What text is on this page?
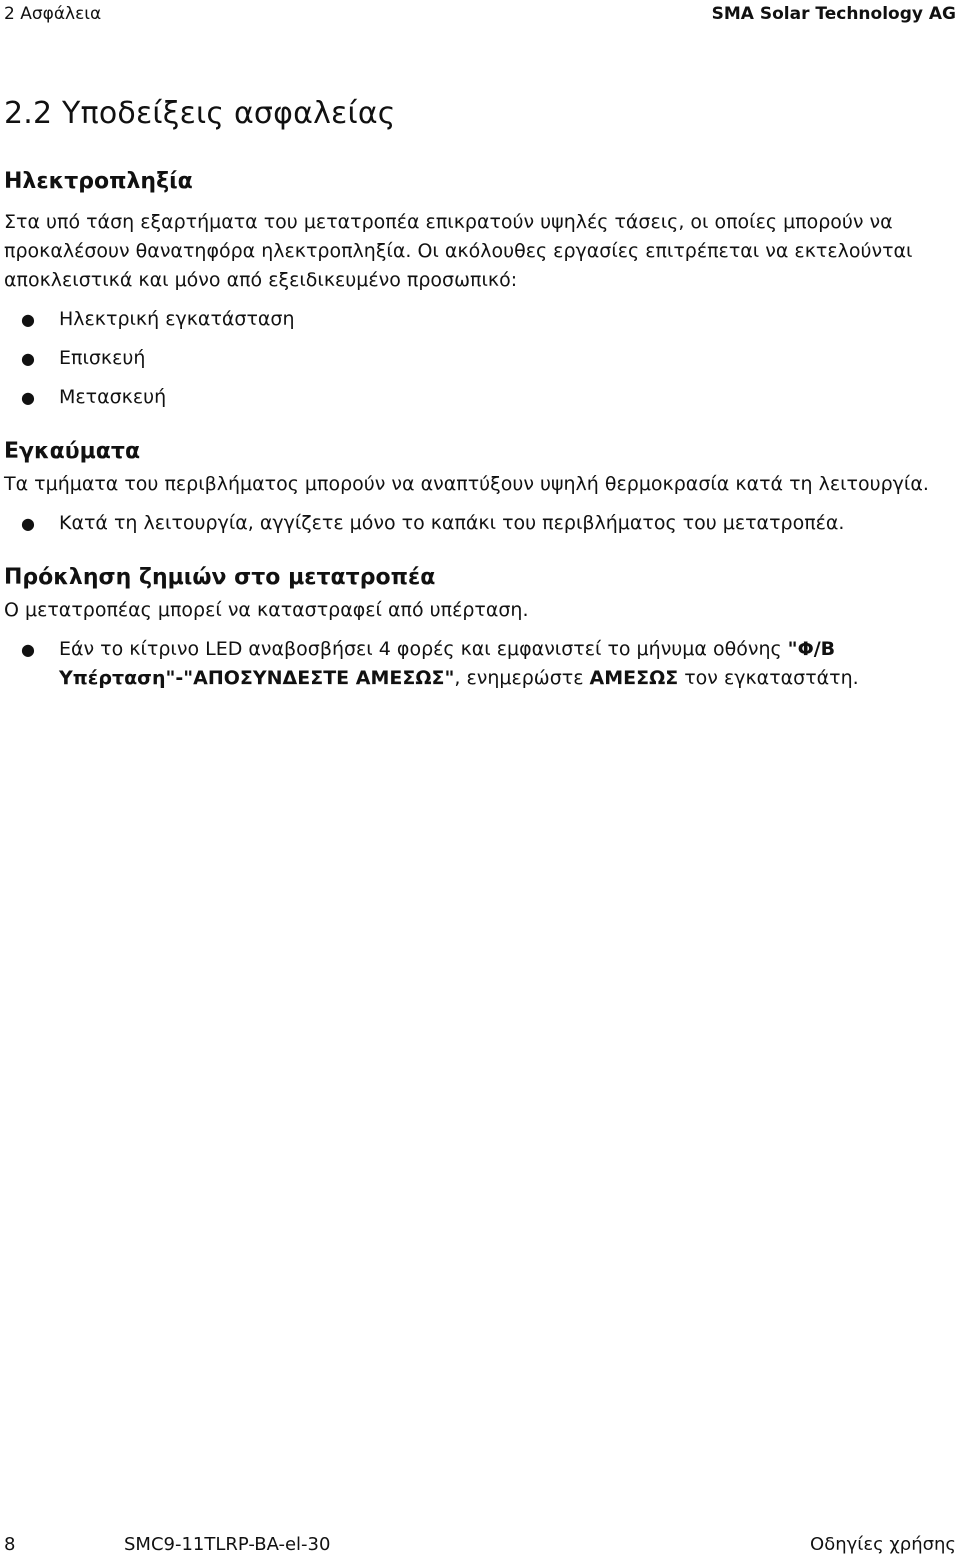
2 Ασφάλεια	SMA Solar Technology AG
2.2 Υποδείξεις ασφαλείας
Ηλεκτροπληξία

Στα υπό τάση εξαρτήματα του μετατροπέα επικρατούν υψηλές τάσεις, οι οποίες μπορούν να προκαλέσουν θανατηφόρα ηλεκτροπληξία. Οι ακόλουθες εργασίες επιτρέπεται να εκτελούνται αποκλειστικά και μόνο από εξειδικευμένο προσωπικό:

● Ηλεκτρική εγκατάσταση
● Επισκευή
● Μετασκευή
Εγκαύματα

Τα τμήματα του περιβλήματος μπορούν να αναπτύξουν υψηλή θερμοκρασία κατά τη λειτουργία.

● Κατά τη λειτουργία, αγγίζετε μόνο το καπάκι του περιβλήματος του μετατροπέα.
Πρόκληση ζημιών στο μετατροπέα

Ο μετατροπέας μπορεί να καταστραφεί από υπέρταση.

● Εάν το κίτρινο LED αναβοσβήσει 4 φορές και εμφανιστεί το μήνυμα οθόνης "Φ/Β Υπέρταση"-"ΑΠΟΣΥΝΔΕΣΤΕ ΑΜΕΣΩΣ", ενημερώστε ΑΜΕΣΩΣ τον εγκαταστάτη.
8	SMC9-11TLRP-BA-el-30	Οδηγίες χρήσης
